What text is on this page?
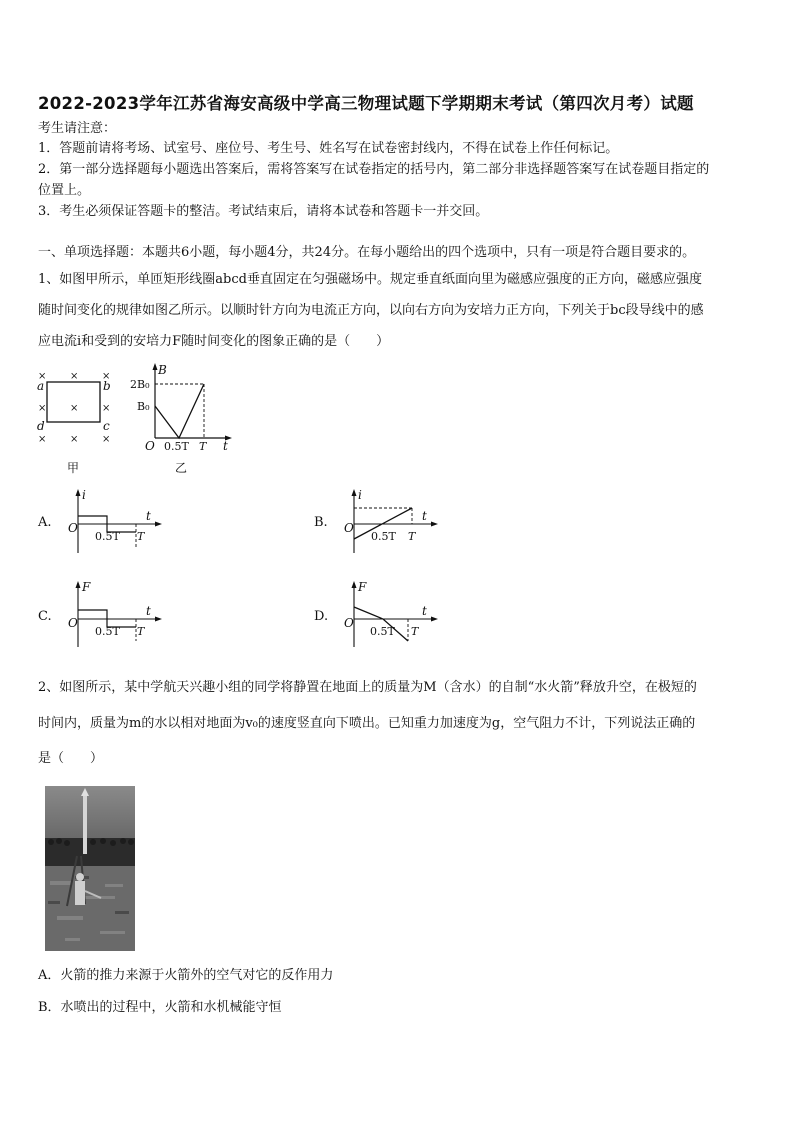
2022-2023学年江苏省海安高级中学高三物理试题下学期期末考试（第四次月考）试题
考生请注意：
1．答题前请将考场、试室号、座位号、考生号、姓名写在试卷密封线内，不得在试卷上作任何标记。
2．第一部分选择题每小题选出答案后，需将答案写在试卷指定的括号内，第二部分非选择题答案写在试卷题目指定的
位置上。
3．考生必须保证答题卡的整洁。考试结束后，请将本试卷和答题卡一并交回。
一、单项选择题：本题共6小题，每小题4分，共24分。在每小题给出的四个选项中，只有一项是符合题目要求的。
1、如图甲所示，单匝矩形线圈abcd垂直固定在匀强磁场中。规定垂直纸面向里为磁感应强度的正方向，磁感应强度
随时间变化的规律如图乙所示。以顺时针方向为电流正方向，以向右方向为安培力正方向，下列关于bc段导线中的感
应电流i和受到的安培力F随时间变化的图象正确的是（　　）
× × ×
× × ×
× × ×
a	b
c
d
甲
B
2B₀
B₀
O 0.5T T t
乙
A.
i
t
O
0.5T T
B.
i
t
O
0.5T T
C.
F
t
O
0.5T T
D.
F
t
O
0.5T T
2、如图所示，某中学航天兴趣小组的同学将静置在地面上的质量为M（含水）的自制“水火箭”释放升空，在极短的
时间内，质量为m的水以相对地面为v₀的速度竖直向下喷出。已知重力加速度为g，空气阻力不计，下列说法正确的
是（　　）
A．火箭的推力来源于火箭外的空气对它的反作用力
B．水喷出的过程中，火箭和水机械能守恒
